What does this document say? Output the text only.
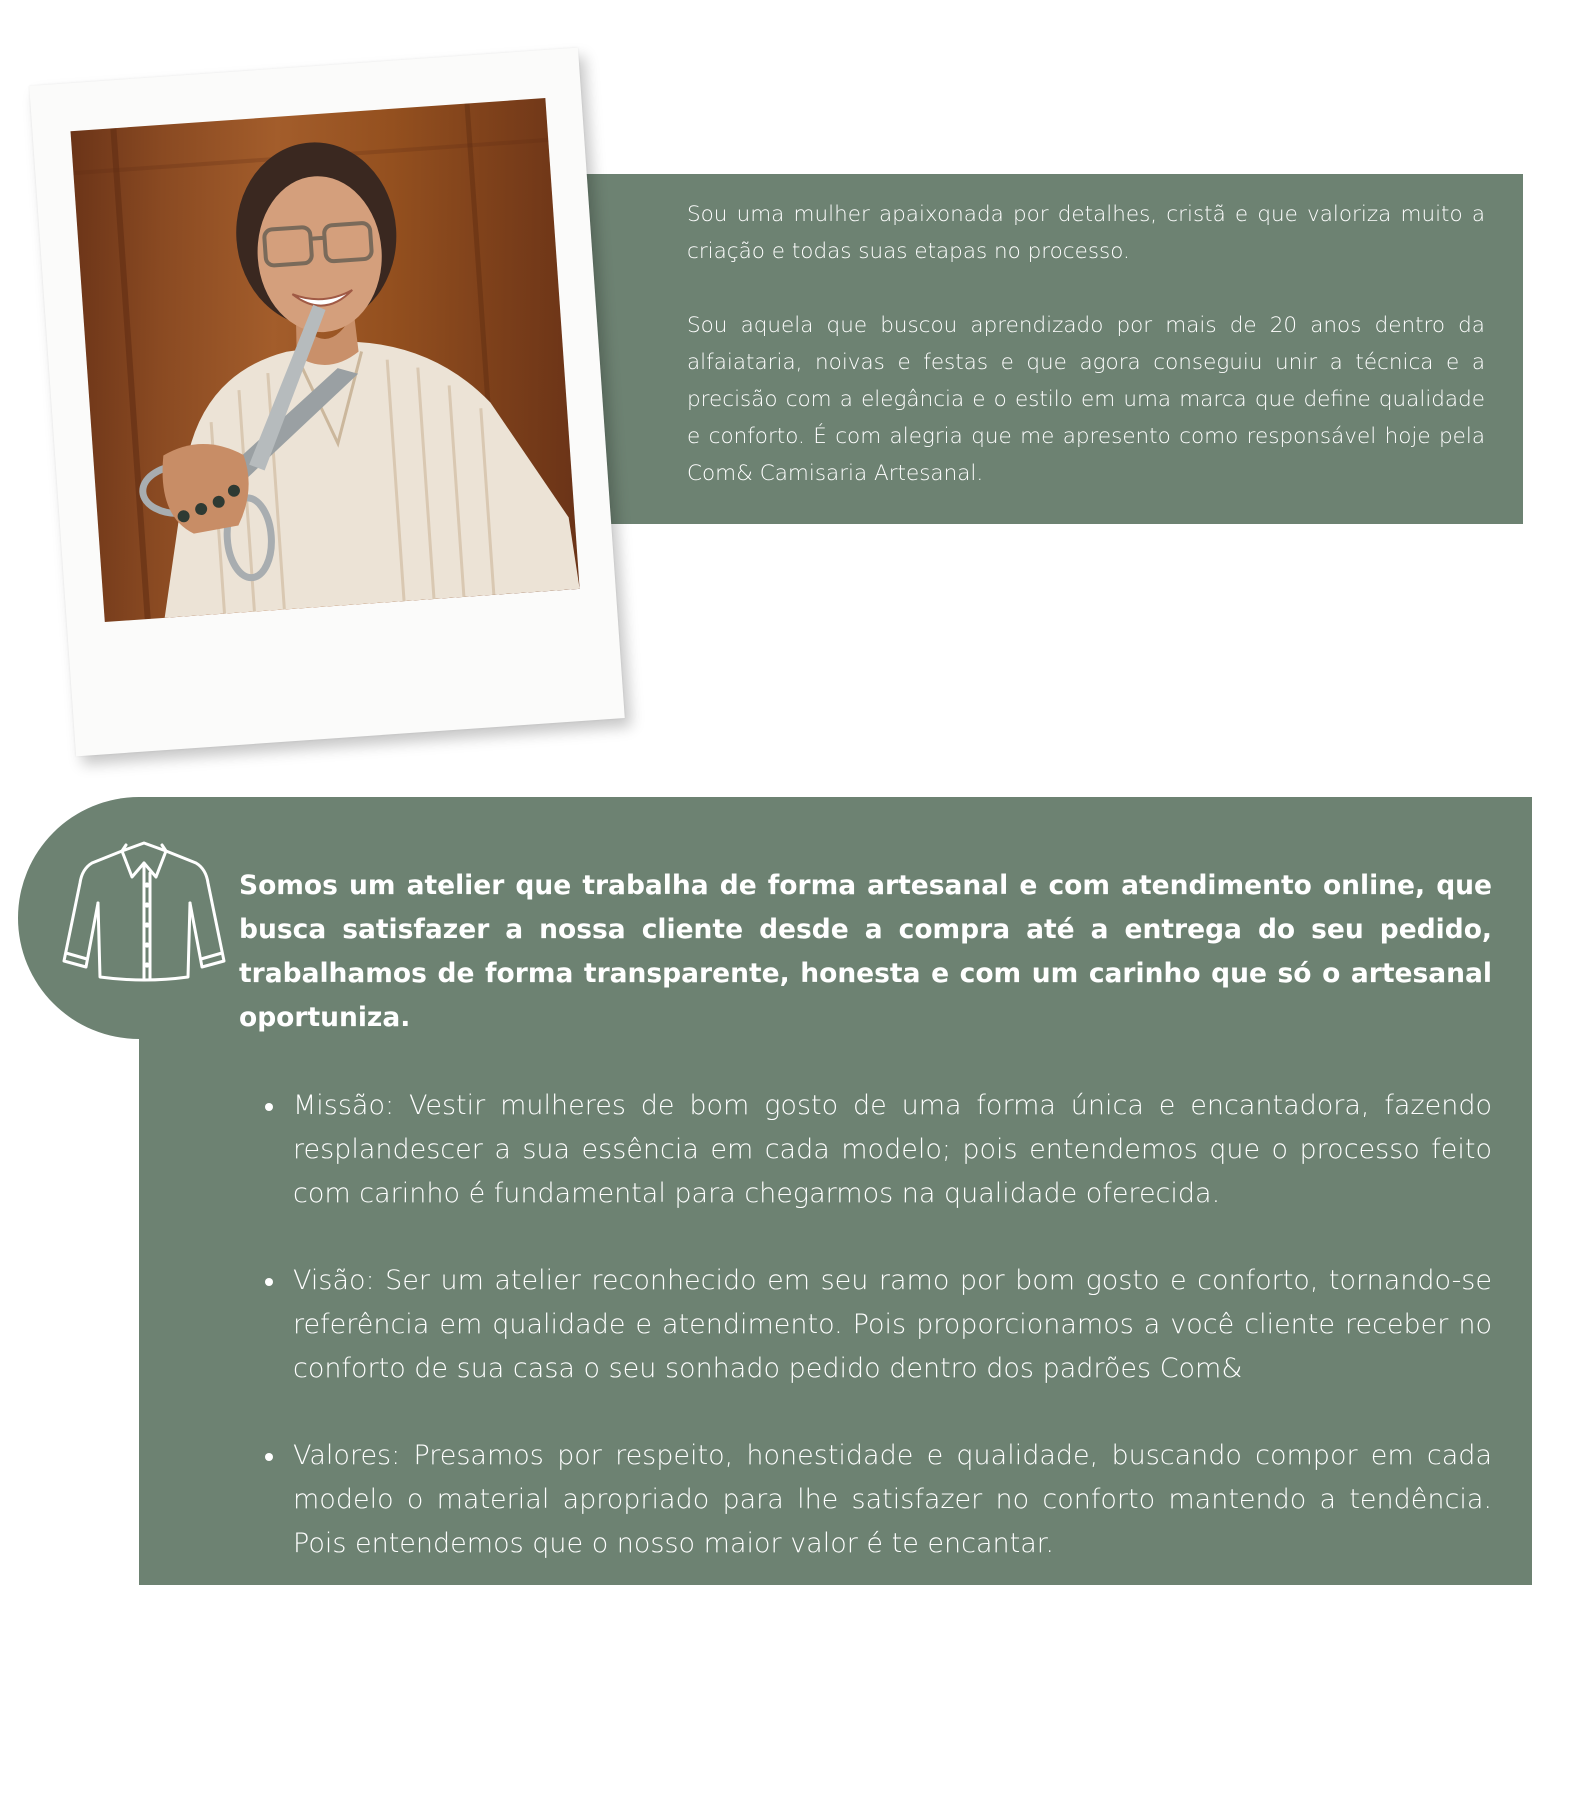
Sou uma mulher apaixonada por detalhes, cristã e que valoriza muito a criação e todas suas etapas no processo.

Sou aquela que buscou aprendizado por mais de 20 anos dentro da alfaiataria, noivas e festas e que agora conseguiu unir a técnica e a precisão com a elegância e o estilo em uma marca que define qualidade e conforto. É com alegria que me apresento como responsável hoje pela Com& Camisaria Artesanal.

Somos um atelier que trabalha de forma artesanal e com atendimento online, que busca satisfazer a nossa cliente desde a compra até a entrega do seu pedido, trabalhamos de forma transparente, honesta e com um carinho que só o artesanal oportuniza.

Missão: Vestir mulheres de bom gosto de uma forma única e encantadora, fazendo resplandescer a sua essência em cada modelo; pois entendemos que o processo feito com carinho é fundamental para chegarmos na qualidade oferecida.
Visão: Ser um atelier reconhecido em seu ramo por bom gosto e conforto, tornando-se referência em qualidade e atendimento. Pois proporcionamos a você cliente receber no conforto de sua casa o seu sonhado pedido dentro dos padrões Com&
Valores: Presamos por respeito, honestidade e qualidade, buscando compor em cada modelo o material apropriado para lhe satisfazer no conforto mantendo a tendência. Pois entendemos que o nosso maior valor é te encantar.
